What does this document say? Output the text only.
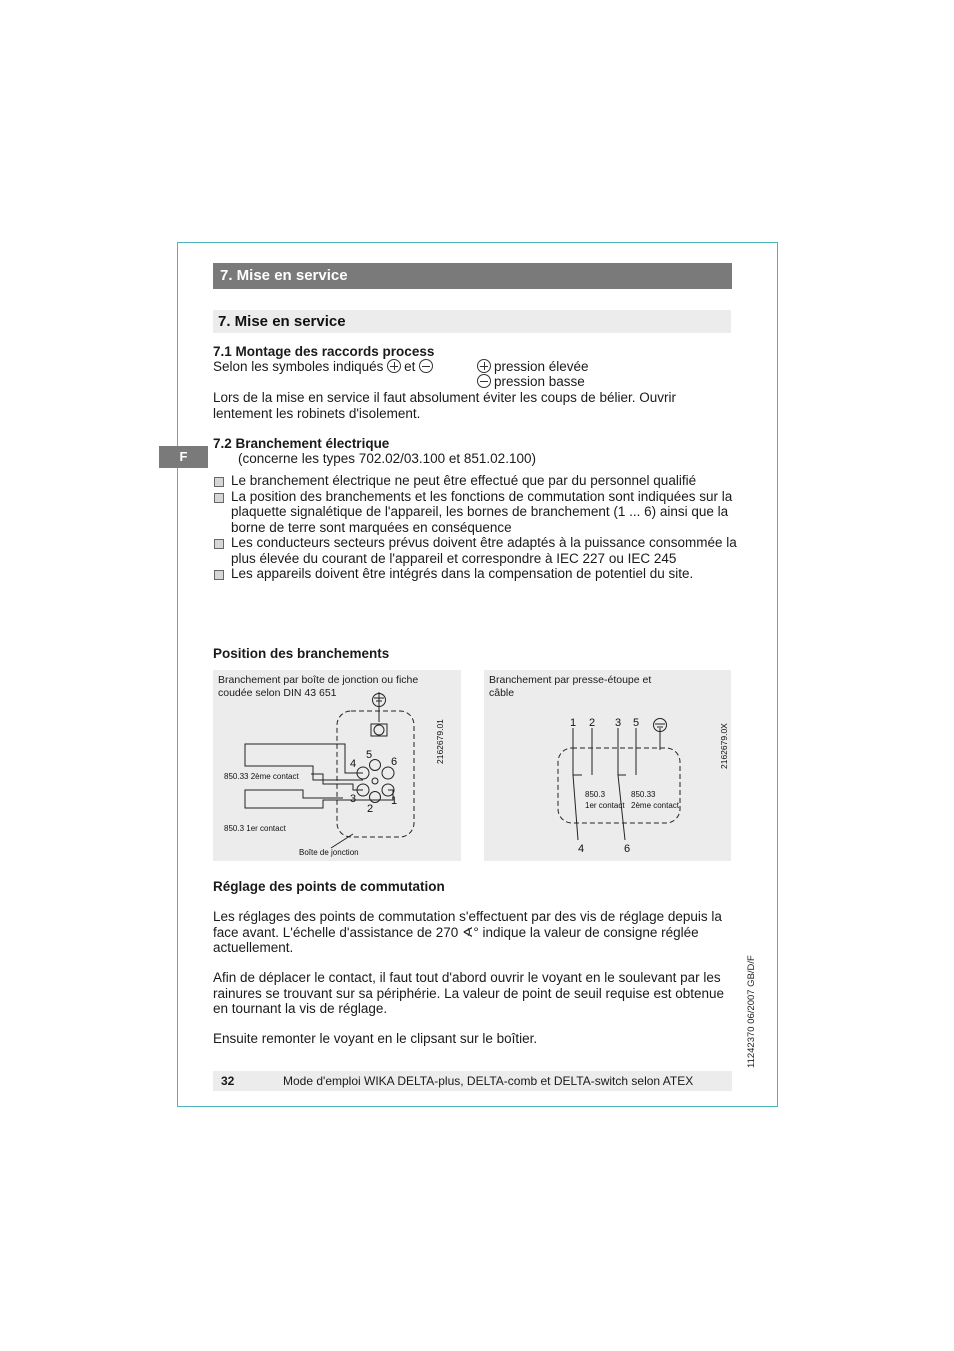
7. Mise en service
7. Mise en service
F
7.1 Montage des raccords process
Selon les symboles indiqués et	pression élevée
pression basse
Lors de la mise en service il faut absolument éviter les coups de bélier. Ouvrir lentement les robinets d'isolement.
7.2 Branchement électrique
(concerne les types 702.02/03.100 et 851.02.100)
Le branchement électrique ne peut être effectué que par du personnel qualifié
La position des branchements et les fonctions de commutation sont indiquées sur la plaquette signalétique de l'appareil, les bornes de branchement (1 ... 6) ainsi que la borne de terre sont marquées en conséquence
Les conducteurs secteurs prévus doivent être adaptés à la puissance consommée la plus élevée du courant de l'appareil et correspondre à IEC 227 ou IEC 245
Les appareils doivent être intégrés dans la compensation de potentiel du site.
Position des branchements
Branchement par boîte de jonction ou fiche coudée selon DIN 43 651
5
4	6
3
2
1
850.33 2ème contact
850.3 1er contact
Boîte de jonction
2162679.01
Branchement par presse-étoupe et câble
1 2 3 5
4	6
850.3
1er contact
850.33
2ème contact
2162679.0X
Réglage des points de commutation
Les réglages des points de commutation s'effectuent par des vis de réglage depuis la face avant. L'échelle d'assistance de 270 ∢° indique la valeur de consigne réglée actuellement.
Afin de déplacer le contact, il faut tout d'abord ouvrir le voyant en le soulevant par les rainures se trouvant sur sa périphérie. La valeur de point de seuil requise est obtenue en tournant la vis de réglage.
Ensuite remonter le voyant en le clipsant sur le boîtier.
32	Mode d'emploi WIKA DELTA-plus, DELTA-comb et DELTA-switch selon ATEX
11242370 06/2007 GB/D/F
